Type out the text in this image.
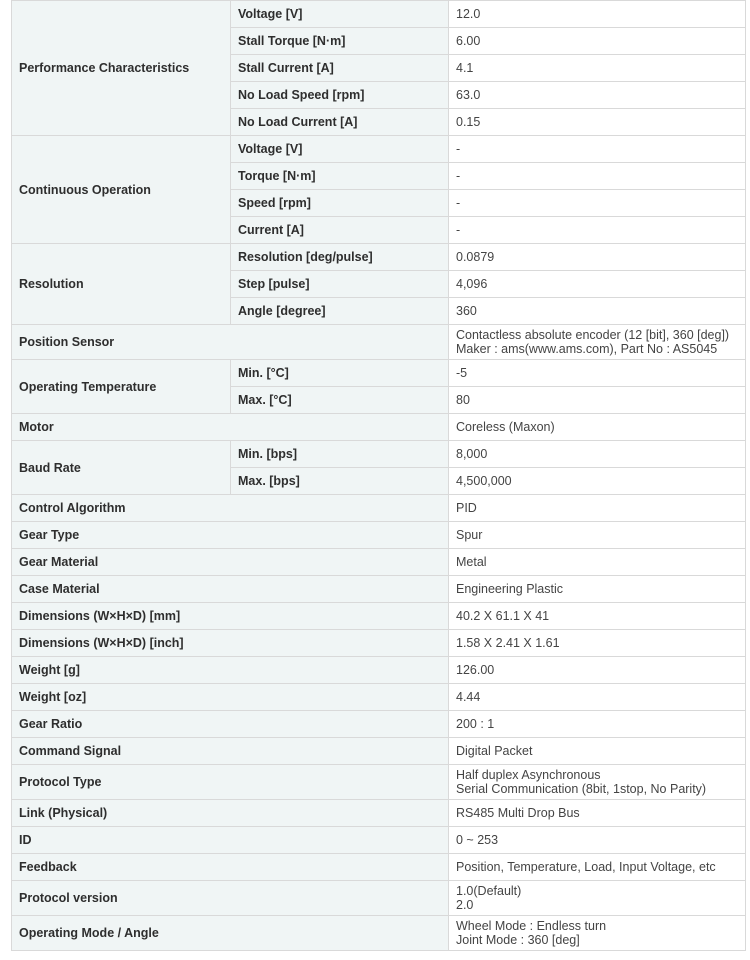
Performance Characteristics	Voltage [V]	12.0

	Stall Torque [N·m]	6.00

	Stall Current [A]	4.1

	No Load Speed [rpm]	63.0

	No Load Current [A]	0.15

Continuous Operation	Voltage [V]	-

	Torque [N·m]	-

	Speed [rpm]	-

	Current [A]	-

Resolution	Resolution [deg/pulse]	0.0879

	Step [pulse]	4,096

	Angle [degree]	360

Position Sensor		Contactless absolute encoder (12 [bit], 360 [deg])
Maker : ams(www.ams.com), Part No : AS5045

Operating Temperature	Min. [°C]	-5

	Max. [°C]	80

Motor		Coreless (Maxon)

Baud Rate	Min. [bps]	8,000

	Max. [bps]	4,500,000

Control Algorithm		PID

Gear Type		Spur

Gear Material		Metal

Case Material		Engineering Plastic

Dimensions (W×H×D) [mm]		40.2 X 61.1 X 41

Dimensions (W×H×D) [inch]		1.58 X 2.41 X 1.61

Weight [g]		126.00

Weight [oz]		4.44

Gear Ratio		200 : 1

Command Signal		Digital Packet

Protocol Type		Half duplex Asynchronous
Serial Communication (8bit, 1stop, No Parity)

Link (Physical)		RS485 Multi Drop Bus

ID		0 ~ 253

Feedback		Position, Temperature, Load, Input Voltage, etc

Protocol version		1.0(Default)
2.0

Operating Mode / Angle		Wheel Mode : Endless turn
Joint Mode : 360 [deg]
